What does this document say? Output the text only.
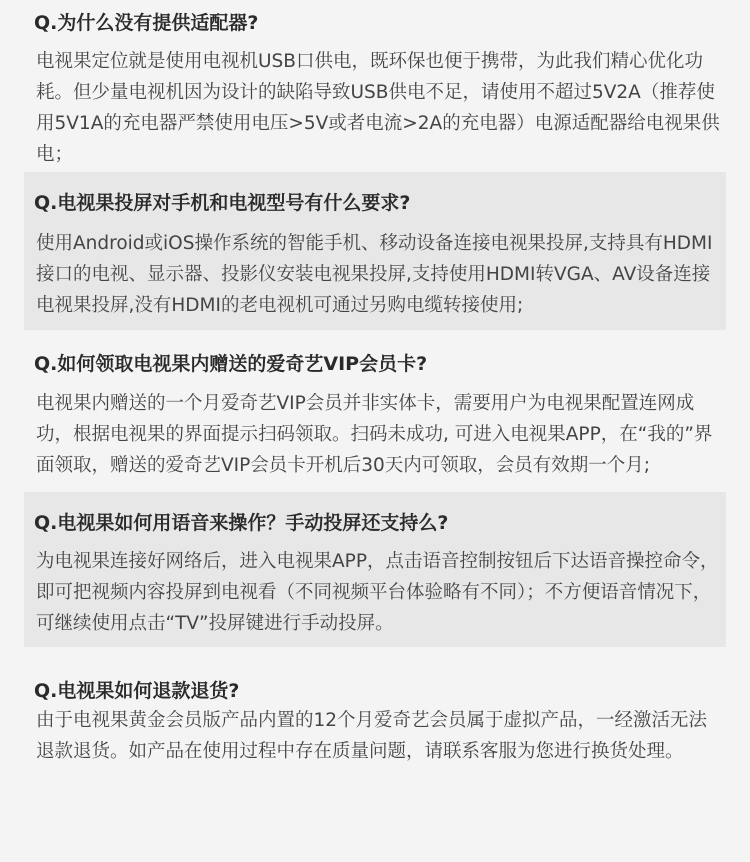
Q.为什么没有提供适配器?

电视果定位就是使用电视机USB口供电，既环保也便于携带，为此我们精心优化功耗。但少量电视机因为设计的缺陷导致USB供电不足，请使用不超过5V2A（推荐使用5V1A的充电器严禁使用电压>5V或者电流>2A的充电器）电源适配器给电视果供电；

Q.电视果投屏对手机和电视型号有什么要求?

使用Android或iOS操作系统的智能手机、移动设备连接电视果投屏,支持具有HDMI接口的电视、显示器、投影仪安装电视果投屏,支持使用HDMI转VGA、AV设备连接电视果投屏,没有HDMI的老电视机可通过另购电缆转接使用;

Q.如何领取电视果内赠送的爱奇艺VIP会员卡?

电视果内赠送的一个月爱奇艺VIP会员并非实体卡，需要用户为电视果配置连网成功，根据电视果的界面提示扫码领取。扫码未成功, 可进入电视果APP，在“我的”界面领取，赠送的爱奇艺VIP会员卡开机后30天内可领取，会员有效期一个月;

Q.电视果如何用语音来操作？手动投屏还支持么?

为电视果连接好网络后，进入电视果APP，点击语音控制按钮后下达语音操控命令，即可把视频内容投屏到电视看（不同视频平台体验略有不同）；不方便语音情况下，可继续使用点击“TV”投屏键进行手动投屏。

Q.电视果如何退款退货?

由于电视果黄金会员版产品内置的12个月爱奇艺会员属于虚拟产品，一经激活无法退款退货。如产品在使用过程中存在质量问题，请联系客服为您进行换货处理。
